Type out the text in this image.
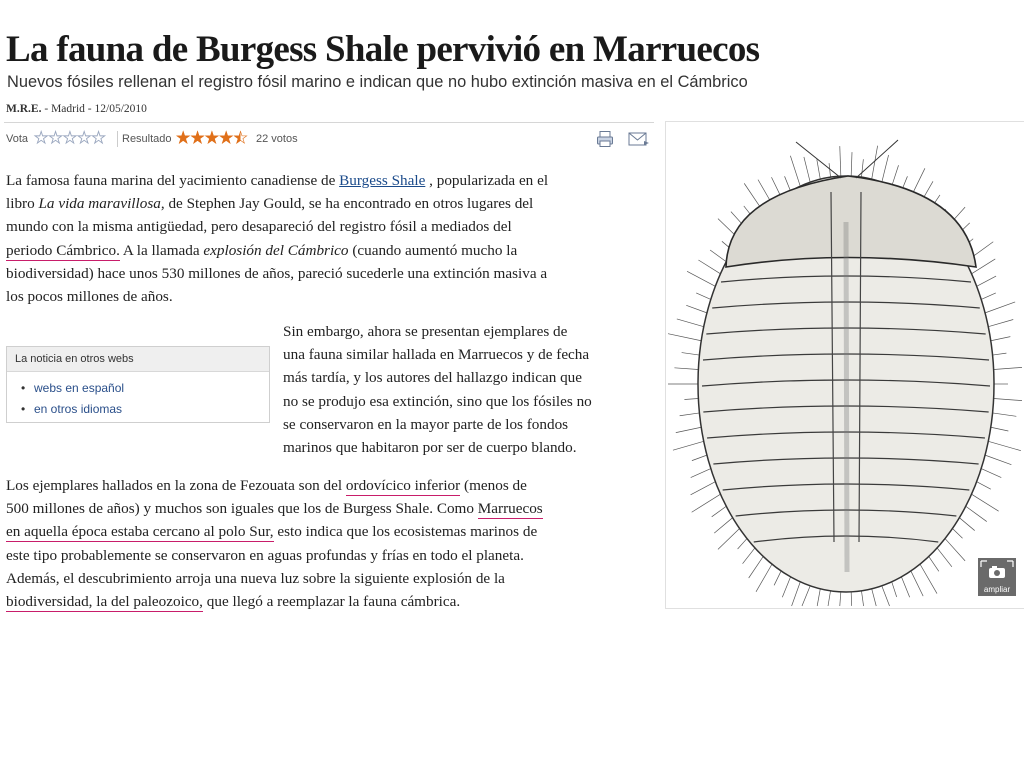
La fauna de Burgess Shale pervivió en Marruecos
Nuevos fósiles rellenan el registro fósil marino e indican que no hubo extinción masiva en el Cámbrico
M.R.E. - Madrid - 12/05/2010
Vota ★★★★★ Resultado ★★★★★ 22 votos
La famosa fauna marina del yacimiento canadiense de Burgess Shale , popularizada en el
libro La vida maravillosa, de Stephen Jay Gould, se ha encontrado en otros lugares del
mundo con la misma antigüedad, pero desapareció del registro fósil a mediados del
periodo Cámbrico. A la llamada explosión del Cámbrico (cuando aumentó mucho la
biodiversidad) hace unos 530 millones de años, pareció sucederle una extinción masiva a
los pocos millones de años.
La noticia en otros webs
• webs en español
• en otros idiomas
Sin embargo, ahora se presentan ejemplares de
una fauna similar hallada en Marruecos y de fecha
más tardía, y los autores del hallazgo indican que
no se produjo esa extinción, sino que los fósiles no
se conservaron en la mayor parte de los fondos
marinos que habitaron por ser de cuerpo blando.
Los ejemplares hallados en la zona de Fezouata son del ordovícico inferior (menos de
500 millones de años) y muchos son iguales que los de Burgess Shale. Como Marruecos
en aquella época estaba cercano al polo Sur, esto indica que los ecosistemas marinos de
este tipo probablemente se conservaron en aguas profundas y frías en todo el planeta.
Además, el descubrimiento arroja una nueva luz sobre la siguiente explosión de la
biodiversidad, la del paleozoico, que llegó a reemplazar la fauna cámbrica.
ampliar
